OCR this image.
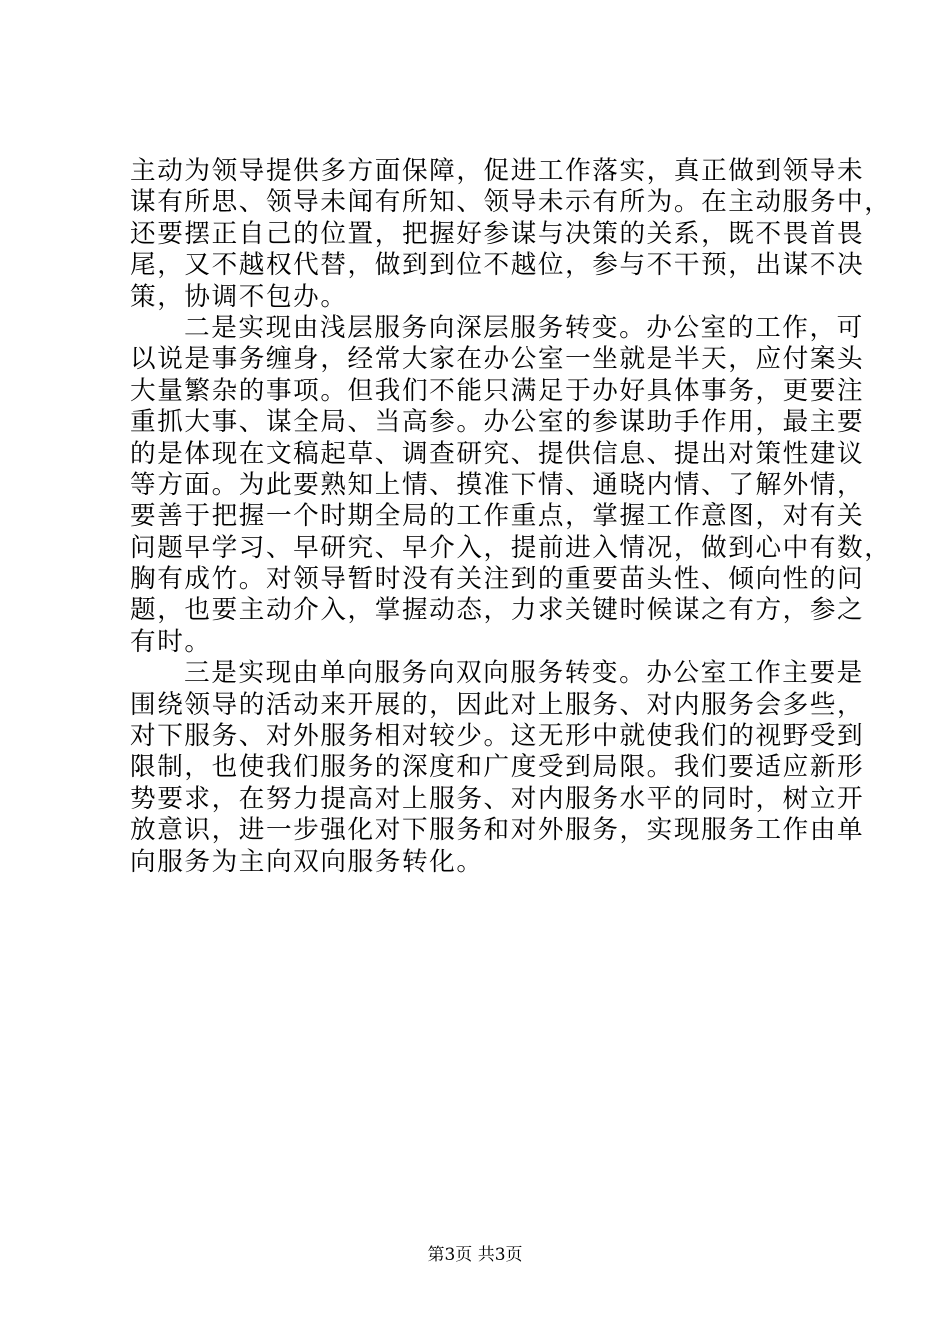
主动为领导提供多方面保障，促进工作落实，真正做到领导未
谋有所思、领导未闻有所知、领导未示有所为。在主动服务中，
还要摆正自己的位置，把握好参谋与决策的关系，既不畏首畏
尾，又不越权代替，做到到位不越位，参与不干预，出谋不决
策，协调不包办。
二是实现由浅层服务向深层服务转变。办公室的工作，可
以说是事务缠身，经常大家在办公室一坐就是半天，应付案头
大量繁杂的事项。但我们不能只满足于办好具体事务，更要注
重抓大事、谋全局、当高参。办公室的参谋助手作用，最主要
的是体现在文稿起草、调查研究、提供信息、提出对策性建议
等方面。为此要熟知上情、摸准下情、通晓内情、了解外情，
要善于把握一个时期全局的工作重点，掌握工作意图，对有关
问题早学习、早研究、早介入，提前进入情况，做到心中有数，
胸有成竹。对领导暂时没有关注到的重要苗头性、倾向性的问
题，也要主动介入，掌握动态，力求关键时候谋之有方，参之
有时。
三是实现由单向服务向双向服务转变。办公室工作主要是
围绕领导的活动来开展的，因此对上服务、对内服务会多些，
对下服务、对外服务相对较少。这无形中就使我们的视野受到
限制，也使我们服务的深度和广度受到局限。我们要适应新形
势要求，在努力提高对上服务、对内服务水平的同时，树立开
放意识，进一步强化对下服务和对外服务，实现服务工作由单
向服务为主向双向服务转化。
第3页 共3页
